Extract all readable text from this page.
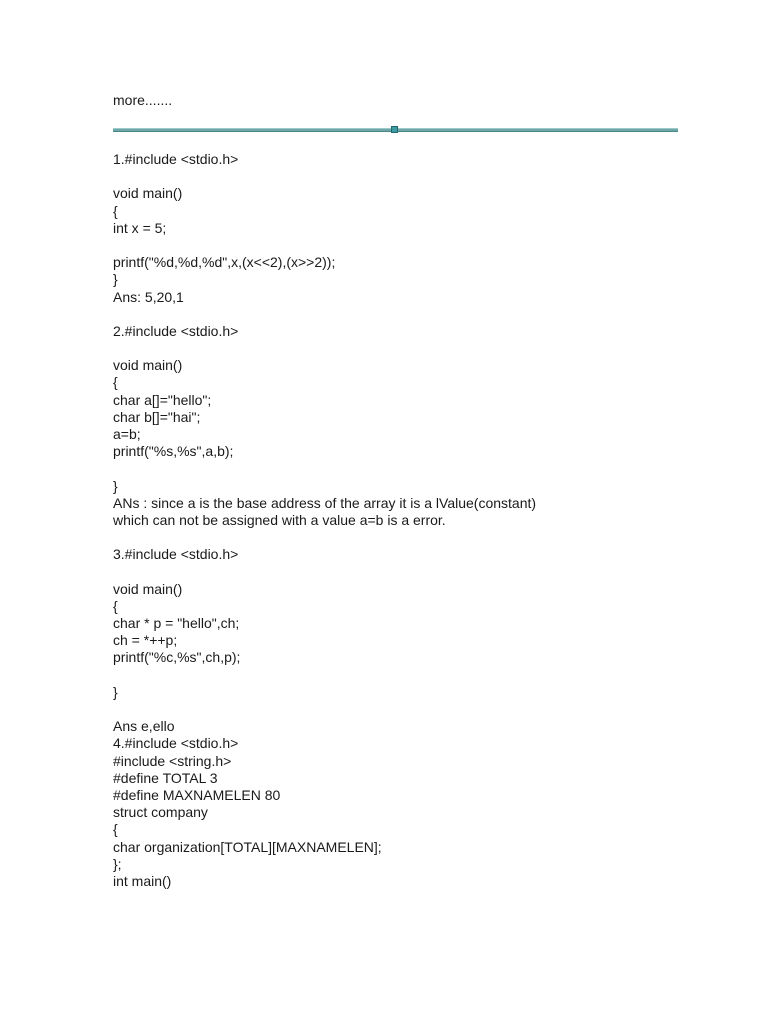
more.......
1.#include <stdio.h>
void main()
{
int x = 5;
printf("%d,%d,%d",x,(x<<2),(x>>2));
}
Ans: 5,20,1
2.#include <stdio.h>
void main()
{
char a[]="hello";
char b[]="hai";
a=b;
printf("%s,%s",a,b);
}
ANs : since a is the base address of the array it is a lValue(constant)
which can not be assigned with a value a=b is a error.
3.#include <stdio.h>
void main()
{
char * p = "hello",ch;
ch = *++p;
printf("%c,%s",ch,p);
}
Ans e,ello
4.#include <stdio.h>
#include <string.h>
#define TOTAL 3
#define MAXNAMELEN 80
struct company
{
char organization[TOTAL][MAXNAMELEN];
};
int main()
